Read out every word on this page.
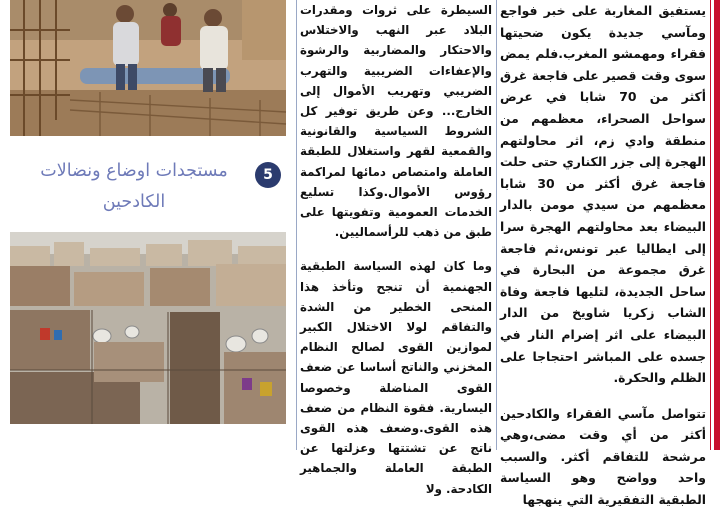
يستفيق المغاربة على خبر فواجع ومآسي جديدة يكون ضحيتها فقراء ومهمشو المغرب.فلم يمض سوى وقت قصير على فاجعة غرق أكثر من 70 شابا في عرض سواحل الصحراء، معظمهم من منطقة وادي زم، اثر محاولتهم الهجرة إلى جزر الكناري حتى حلت فاجعة غرق أكثر من 30 شابا معظمهم من سيدي مومن بالدار البيضاء بعد محاولتهم الهجرة سرا إلى ايطاليا عبر تونس،ثم فاجعة غرق مجموعة من البحارة في ساحل الجديدة، لتليها فاجعة وفاة الشاب زكريا شاويخ من الدار البيضاء على اثر إضرام النار في جسده على المباشر احتجاجا على الظلم والحكرة.

تتواصل مآسي الفقراء والكادحين أكثر من أي وقت مضى،وهي مرشحة للتفاقم أكثر. والسبب واحد وواضح وهو السياسة الطبقية التفقيرية التي ينهجها

السيطرة على ثروات ومقدرات البلاد عبر النهب والاختلاس والاحتكار والمضاربية والرشوة والإعفاءات الضريبية والتهرب الضريبي وتهريب الأموال إلى الخارج... وعن طريق توفير كل الشروط السياسية والقانونية والقمعية لقهر واستغلال للطبقة العاملة وامتصاص دمائها لمراكمة رؤوس الأموال.وكذا تسليع الخدمات العمومية وتفويتها على طبق من ذهب للرأسماليين.

وما كان لهذه السياسة الطبقية الجهنمية أن تنجح وتأخذ هذا المنحى الخطير من الشدة والتفاقم لولا الاختلال الكبير لموازين القوى لصالح النظام المخزني والناتج أساسا عن ضعف القوى المناضلة وخصوصا اليسارية. فقوة النظام من ضعف هذه القوى.وضعف هذه القوى ناتج عن تشتتها وعزلتها عن الطبقة العاملة والجماهير الكادحة. ولا

5
مستجدات اوضاع ونضالات الكادحين
